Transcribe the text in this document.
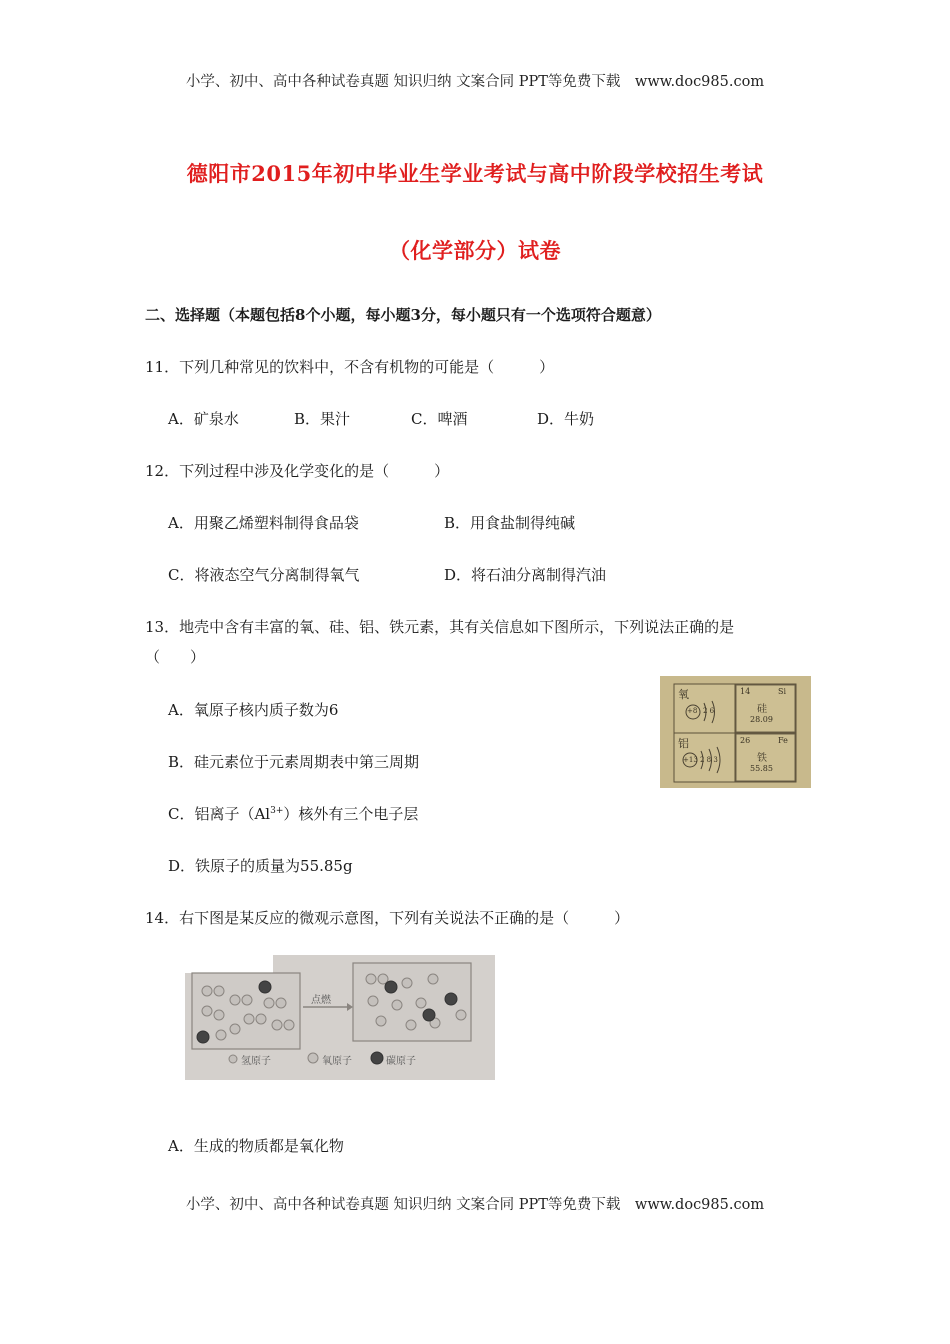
小学、初中、高中各种试卷真题 知识归纳 文案合同 PPT等免费下载　www.doc985.com
德阳市2015年初中毕业生学业考试与高中阶段学校招生考试
（化学部分）试卷
二、选择题（本题包括8个小题，每小题3分，每小题只有一个选项符合题意）
11．下列几种常见的饮料中，不含有机物的可能是（　　　）
A．矿泉水	B．果汁	C．啤酒	D．牛奶
12．下列过程中涉及化学变化的是（　　　）
A．用聚乙烯塑料制得食品袋	B．用食盐制得纯碱
C．将液态空气分离制得氧气	D．将石油分离制得汽油
13．地壳中含有丰富的氧、硅、铝、铁元素，其有关信息如下图所示，下列说法正确的是
（　　）
A．氧原子核内质子数为6
B．硅元素位于元素周期表中第三周期
C．铝离子$(Al^{3+})$核外有三个电子层
D．铁原子的质量为55.85g
氧
+8 2 6
14	Si
硅
28.09
铝
+13 2 8 3
26	Fe
铁
55.85
14．右下图是某反应的微观示意图，下列有关说法不正确的是（　　　）
点燃
氢原子	氧原子	碳原子
A．生成的物质都是氧化物
小学、初中、高中各种试卷真题 知识归纳 文案合同 PPT等免费下载　www.doc985.com
